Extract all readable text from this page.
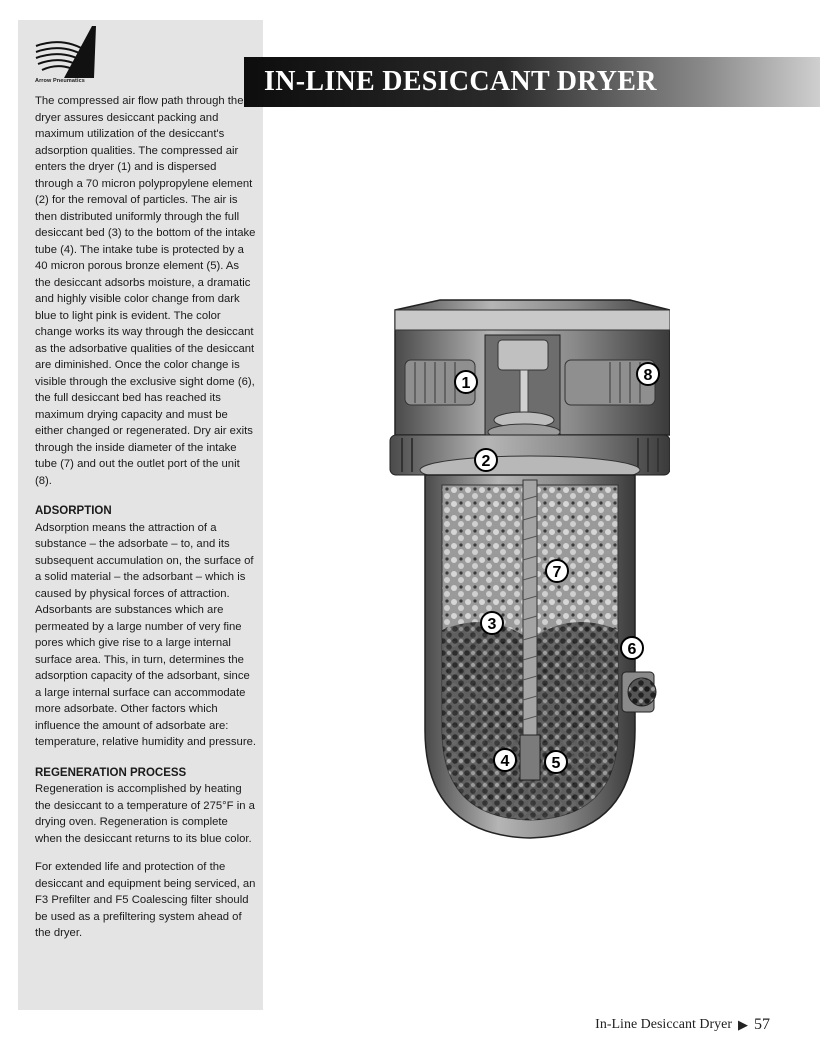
Arrow Pneumatics

The compressed air flow path through the dryer assures desiccant packing and maximum utilization of the desiccant's adsorption qualities. The compressed air enters the dryer (1) and is dispersed through a 70 micron polypropylene element (2) for the removal of particles. The air is then distributed uniformly through the full desiccant bed (3) to the bottom of the intake tube (4). The intake tube is protected by a 40 micron porous bronze element (5). As the desiccant adsorbs moisture, a dramatic and highly visible color change from dark blue to light pink is evident. The color change works its way through the desiccant as the adsorbative qualities of the desiccant are diminished. Once the color change is visible through the exclusive sight dome (6), the full desiccant bed has reached its maximum drying capacity and must be either changed or regenerated. Dry air exits through the inside diameter of the intake tube (7) and out the outlet port of the unit (8).

ADSORPTION

Adsorption means the attraction of a substance – the adsorbate – to, and its subsequent accumulation on, the surface of a solid material – the adsorbant – which is caused by physical forces of attraction. Adsorbants are substances which are permeated by a large number of very fine pores which give rise to a large internal surface area. This, in turn, determines the adsorption capacity of the adsorbant, since a large internal surface can accommodate more adsorbate. Other factors which influence the amount of adsorbate are: temperature, relative humidity and pressure.

REGENERATION PROCESS

Regeneration is accomplished by heating the desiccant to a temperature of 275°F in a drying oven. Regeneration is complete when the desiccant returns to its blue color.

For extended life and protection of the desiccant and equipment being serviced, an F3 Prefilter and F5 Coalescing filter should be used as a prefiltering system ahead of the dryer.

IN-LINE DESICCANT DRYER
1
2
3
4	5
6
7
8
In-Line Desiccant Dryer ▶ 57
